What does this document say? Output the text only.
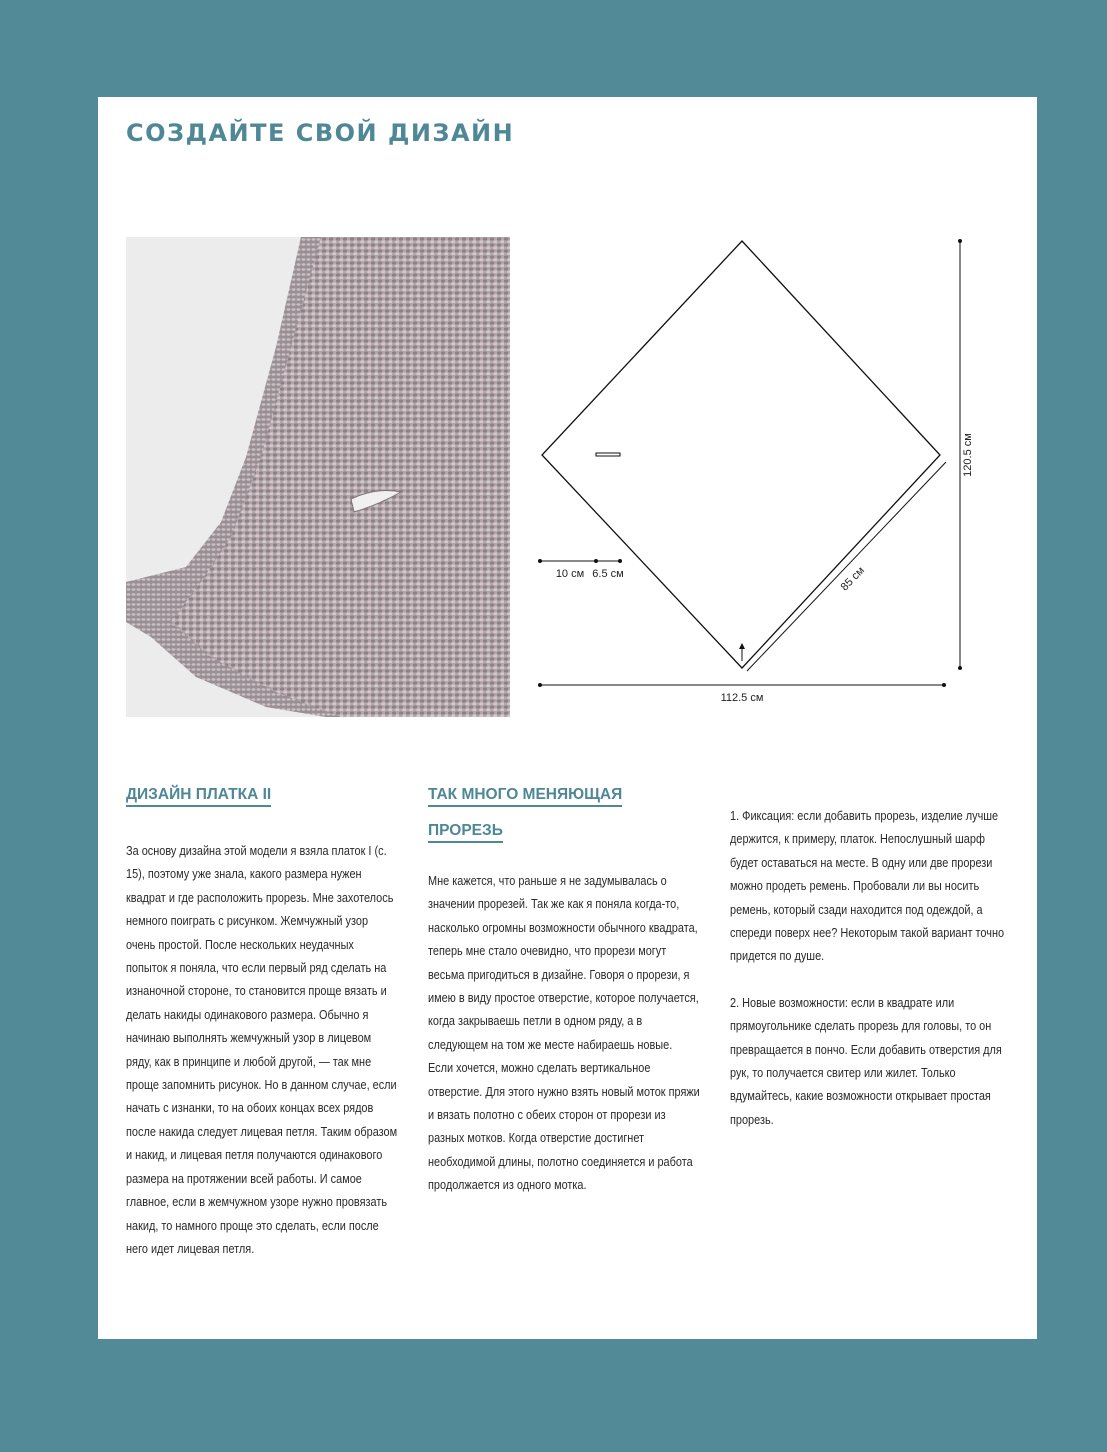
СОЗДАЙТЕ СВОЙ ДИЗАЙН
120.5 см
85 см
112.5 см
10 см 6.5 см
ДИЗАЙН ПЛАТКА II

За основу дизайна этой модели я взяла платок I (с. 15), поэтому уже знала, какого размера нужен квадрат и где расположить прорезь. Мне захотелось немного поиграть с рисунком. Жемчужный узор очень простой. После нескольких неудачных попыток я поняла, что если первый ряд сделать на изнаночной стороне, то становится проще вязать и делать накиды одинакового размера. Обычно я начинаю выполнять жемчужный узор в лицевом ряду, как в принципе и любой другой, — так мне проще запомнить рисунок. Но в данном случае, если начать с изнанки, то на обоих концах всех рядов после накида следует лицевая петля. Таким образом и накид, и лицевая петля получаются одинакового размера на протяжении всей работы. И самое главное, если в жемчужном узоре нужно провязать накид, то намного проще это сделать, если после него идет лицевая петля.

ТАК МНОГО МЕНЯЮЩАЯ
ПРОРЕЗЬ

Мне кажется, что раньше я не задумывалась о значении прорезей. Так же как я поняла когда-то, насколько огромны возможности обычного квадрата, теперь мне стало очевидно, что прорези могут весьма пригодиться в дизайне. Говоря о прорези, я имею в виду простое отверстие, которое получается, когда закрываешь петли в одном ряду, а в следующем на том же месте набираешь новые. Если хочется, можно сделать вертикальное отверстие. Для этого нужно взять новый моток пряжи и вязать полотно с обеих сторон от прорези из разных мотков. Когда отверстие достигнет необходимой длины, полотно соединяется и работа продолжается из одного мотка.

1. Фиксация: если добавить прорезь, изделие лучше держится, к примеру, платок. Непослушный шарф будет оставаться на месте. В одну или две прорези можно продеть ремень. Пробовали ли вы носить ремень, который сзади находится под одеждой, а спереди поверх нее? Некоторым такой вариант точно придется по душе.

2. Новые возможности: если в квадрате или прямоугольнике сделать прорезь для головы, то он превращается в пончо. Если добавить отверстия для рук, то получается свитер или жилет. Только вдумайтесь, какие возможности открывает простая прорезь.
